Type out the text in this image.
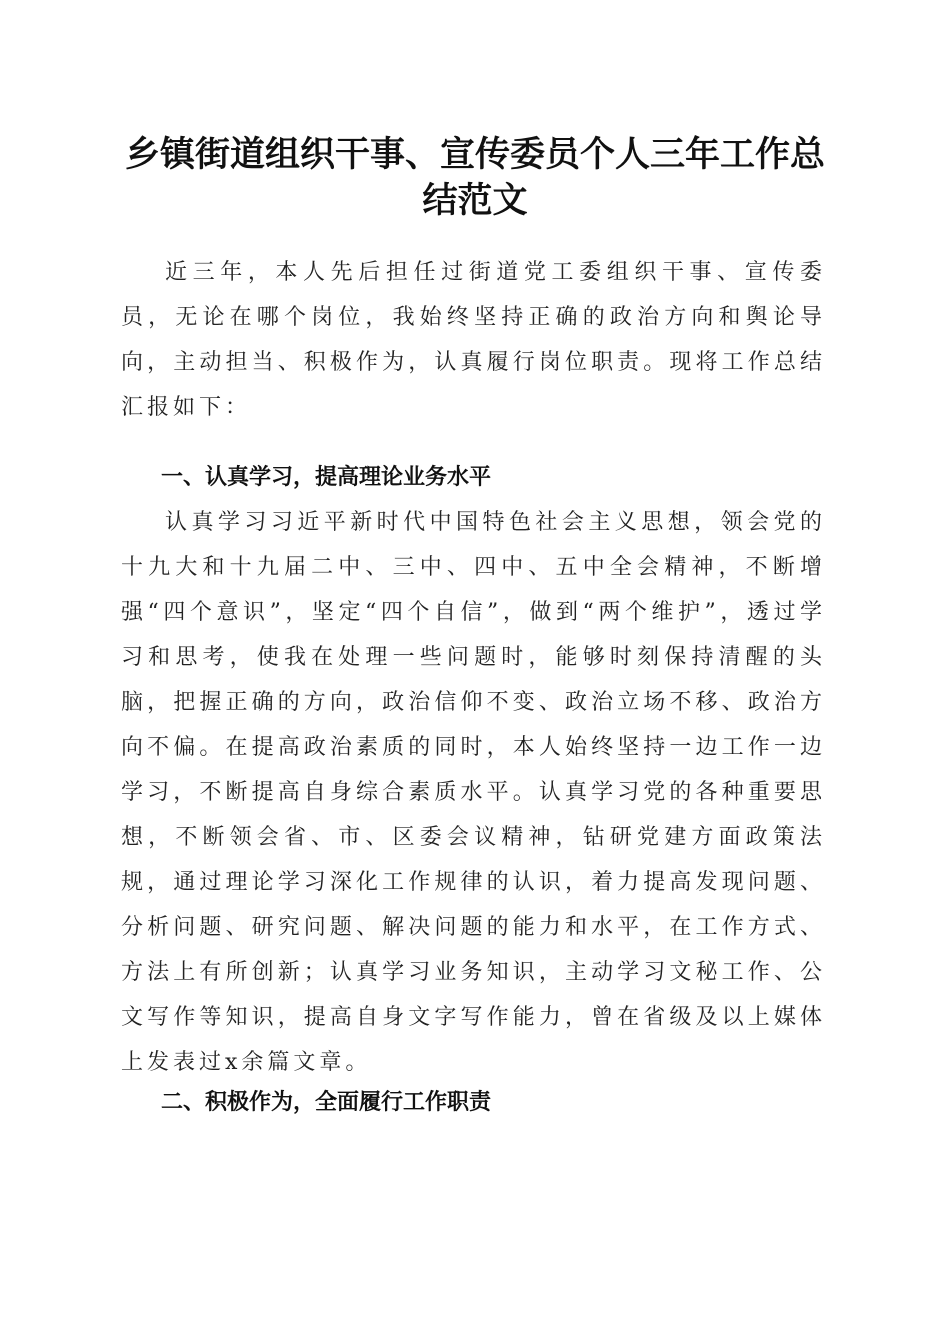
乡镇街道组织干事、宣传委员个人三年工作总结范文

近三年，本人先后担任过街道党工委组织干事、宣传委员，无论在哪个岗位，我始终坚持正确的政治方向和舆论导向，主动担当、积极作为，认真履行岗位职责。现将工作总结汇报如下：

一、认真学习，提高理论业务水平

认真学习习近平新时代中国特色社会主义思想，领会党的十九大和十九届二中、三中、四中、五中全会精神，不断增强“四个意识”，坚定“四个自信”，做到“两个维护”，透过学习和思考，使我在处理一些问题时，能够时刻保持清醒的头脑，把握正确的方向，政治信仰不变、政治立场不移、政治方向不偏。在提高政治素质的同时，本人始终坚持一边工作一边学习，不断提高自身综合素质水平。认真学习党的各种重要思想，不断领会省、市、区委会议精神，钻研党建方面政策法规，通过理论学习深化工作规律的认识，着力提高发现问题、分析问题、研究问题、解决问题的能力和水平，在工作方式、方法上有所创新；认真学习业务知识，主动学习文秘工作、公文写作等知识，提高自身文字写作能力，曾在省级及以上媒体上发表过x余篇文章。

二、积极作为，全面履行工作职责
